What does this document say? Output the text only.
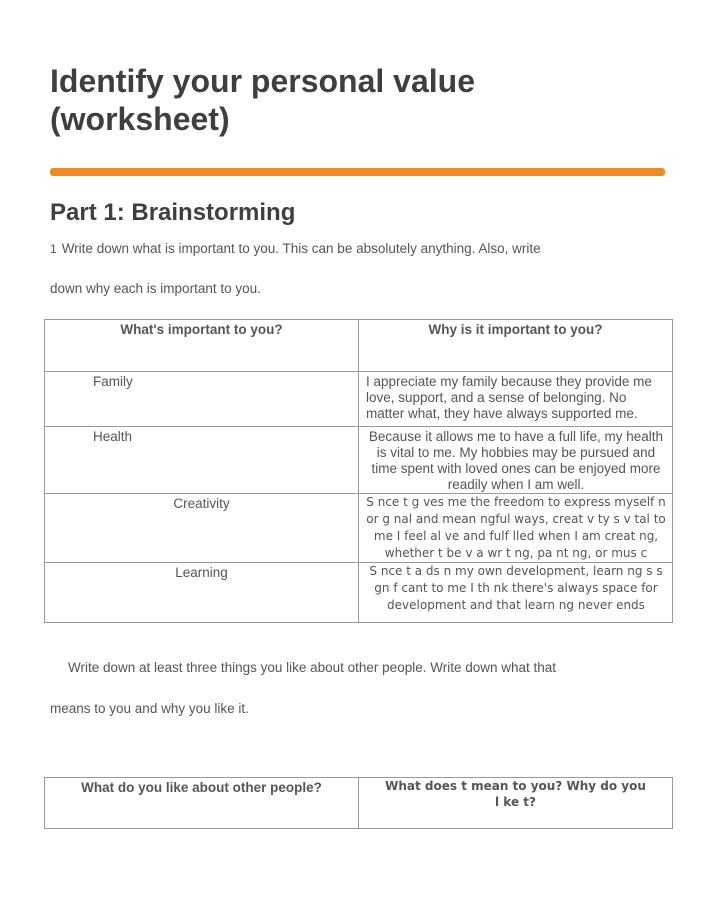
Identify your personal value
(worksheet)
Part 1: Brainstorming
1 Write down what is important to you. This can be absolutely anything. Also, write
down why each is important to you.
What's important to you?	Why is it important to you?
Family	I appreciate my family because they provide me love, support, and a sense of belonging. No matter what, they have always supported me.
Health	Because it allows me to have a full life, my health is vital to me. My hobbies may be pursued and time spent with loved ones can be enjoyed more readily when I am well.
Creativity	S nce t g ves me the freedom to express myself n or g nal and mean ngful ways, creat v ty s v tal to me I feel al ve and fulf lled when I am creat ng, whether t be v a wr t ng, pa nt ng, or mus c
Learning	S nce t a ds n my own development, learn ng s s gn f cant to me I th nk there's always space for development and that learn ng never ends
Write down at least three things you like about other people. Write down what that
means to you and why you like it.
What do you like about other people?	What does t mean to you? Why do you
l ke t?
